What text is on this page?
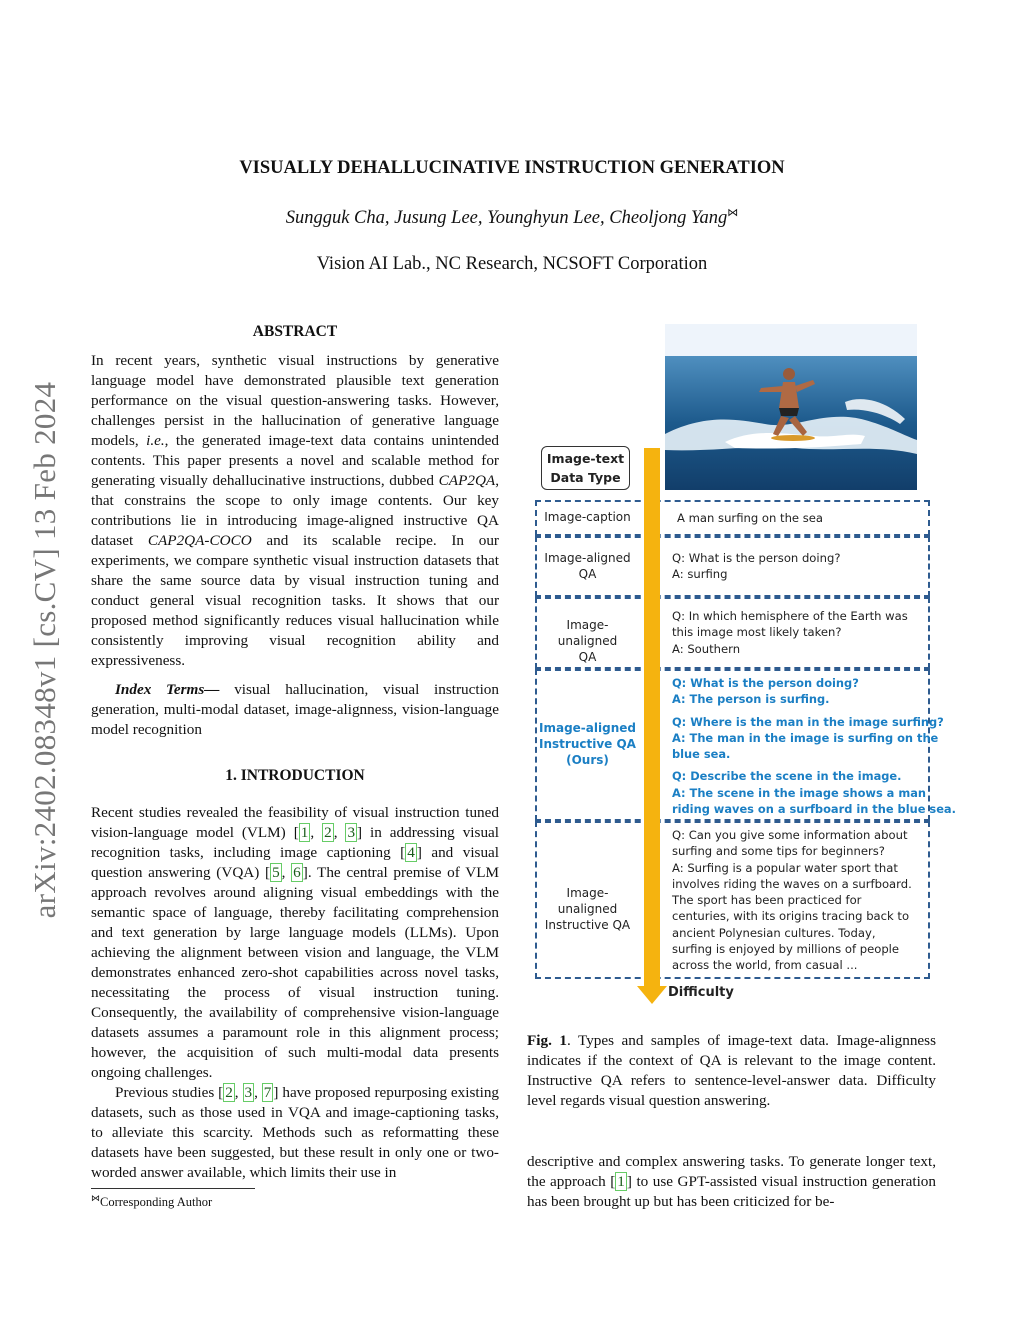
arXiv:2402.08348v1 [cs.CV] 13 Feb 2024
VISUALLY DEHALLUCINATIVE INSTRUCTION GENERATION
Sungguk Cha, Jusung Lee, Younghyun Lee, Cheoljong Yang⋈
Vision AI Lab., NC Research, NCSOFT Corporation
ABSTRACT

In recent years, synthetic visual instructions by generative language model have demonstrated plausible text generation performance on the visual question-answering tasks. However, challenges persist in the hallucination of generative language models, i.e., the generated image-text data contains unintended contents. This paper presents a novel and scalable method for generating visually dehallucinative instructions, dubbed CAP2QA, that constrains the scope to only image contents. Our key contributions lie in introducing image-aligned instructive QA dataset CAP2QA-COCO and its scalable recipe. In our experiments, we compare synthetic visual instruction datasets that share the same source data by visual instruction tuning and conduct general visual recognition tasks. It shows that our proposed method significantly reduces visual hallucination while consistently improving visual recognition ability and expressiveness.

Index Terms— visual hallucination, visual instruction generation, multi-modal dataset, image-alignness, vision-language model recognition

1. INTRODUCTION

Recent studies revealed the feasibility of visual instruction tuned vision-language model (VLM) [ 1 , 2 , 3 ] in addressing visual recognition tasks, including image captioning [ 4 ] and visual question answering (VQA) [ 5 , 6 ]. The central premise of VLM approach revolves around aligning visual embeddings with the semantic space of language, thereby facilitating comprehension and text generation by large language models (LLMs). Upon achieving the alignment between vision and language, the VLM demonstrates enhanced zero-shot capabilities across novel tasks, necessitating the process of visual instruction tuning. Consequently, the availability of comprehensive vision-language datasets assumes a paramount role in this alignment process; however, the acquisition of such multi-modal data presents ongoing challenges.

Previous studies [ 2 , 3 , 7 ] have proposed repurposing existing datasets, such as those used in VQA and image-captioning tasks, to alleviate this scarcity. Methods such as reformatting these datasets have been suggested, but these result in only one or two-worded answer available, which limits their use in

⋈Corresponding Author
Image-text
Data Type
Difficulty
Image-caption
Image-aligned
QA
Image-unaligned
QA
Image-aligned
Instructive QA
(Ours)
Image-unaligned
Instructive QA
A man surfing on the sea
Q: What is the person doing?
A: surfing
Q: In which hemisphere of the Earth was
this image most likely taken?
A: Southern
Q: What is the person doing?
A: The person is surfing.
Q: Where is the man in the image surfing?
A: The man in the image is surfing on the
blue sea.
Q: Describe the scene in the image.
A: The scene in the image shows a man
riding waves on a surfboard in the blue sea.
Q: Can you give some information about
surfing and some tips for beginners?
A: Surfing is a popular water sport that
involves riding the waves on a surfboard.
The sport has been practiced for
centuries, with its origins tracing back to
ancient Polynesian cultures. Today,
surfing is enjoyed by millions of people
across the world, from casual ...

Fig. 1. Types and samples of image-text data. Image-alignness indicates if the context of QA is relevant to the image content. Instructive QA refers to sentence-level-answer data. Difficulty level regards visual question answering.

descriptive and complex answering tasks. To generate longer text, the approach [ 1 ] to use GPT-assisted visual instruction generation has been brought up but has been criticized for be-
